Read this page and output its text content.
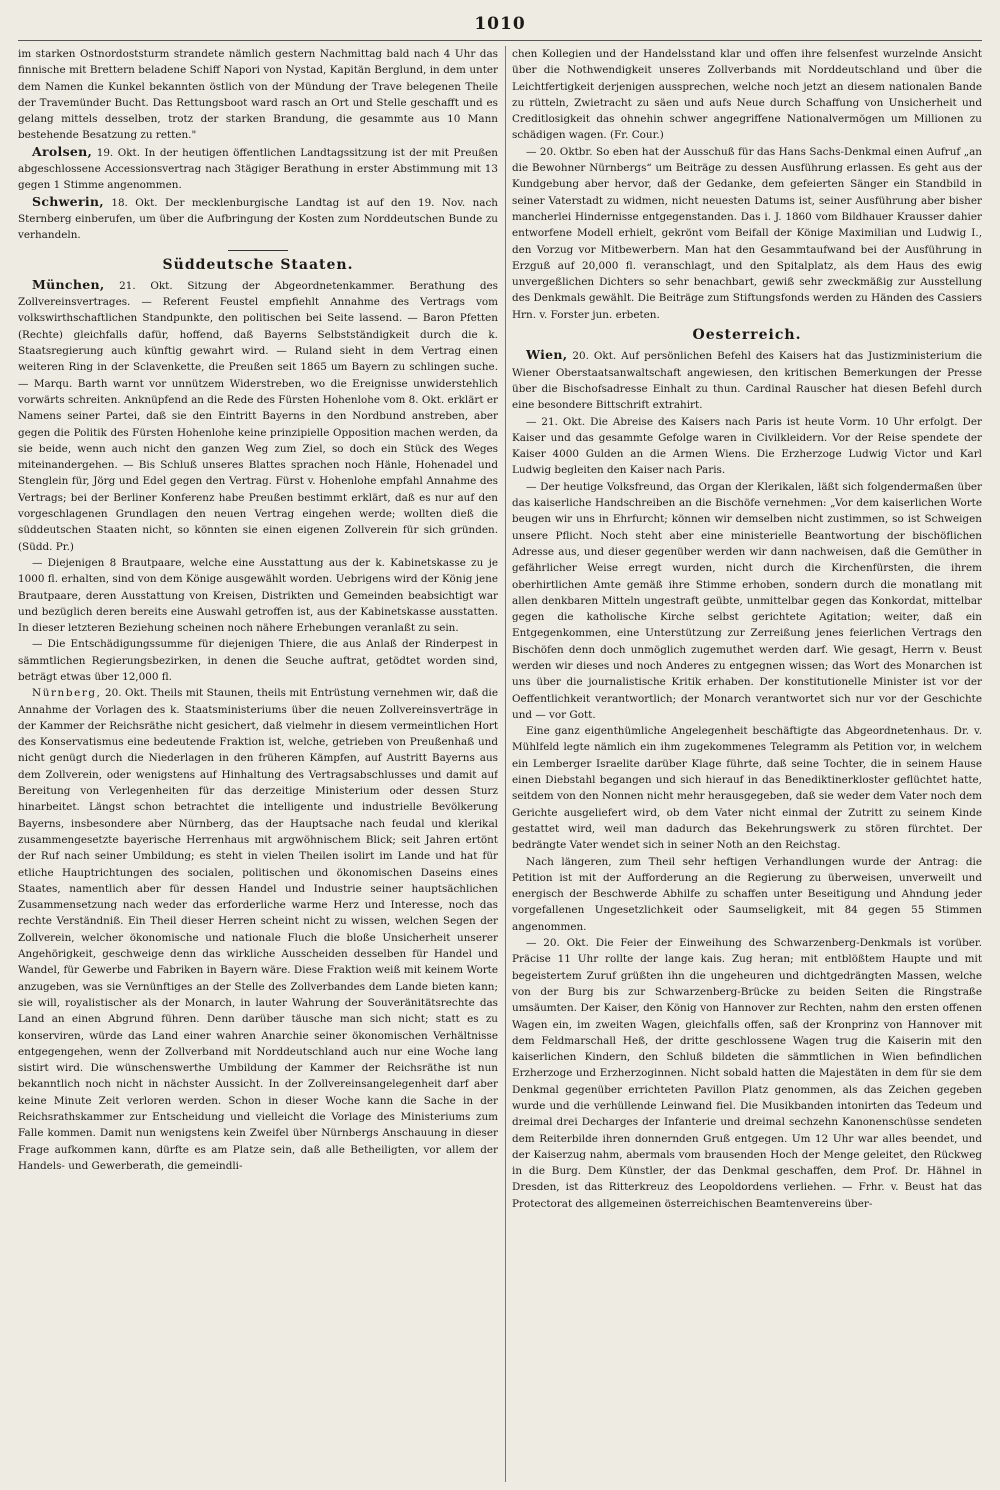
1010

im starken Ostnordoststurm strandete nämlich gestern Nachmittag bald nach 4 Uhr das finnische mit Brettern beladene Schiff Napori von Nystad, Kapitän Berglund, in dem unter dem Namen die Kunkel bekannten östlich von der Mündung der Trave belegenen Theile der Travemünder Bucht. Das Rettungsboot ward rasch an Ort und Stelle geschafft und es gelang mittels desselben, trotz der starken Brandung, die gesammte aus 10 Mann bestehende Besatzung zu retten."

Arolsen, 19. Okt. In der heutigen öffentlichen Landtagssitzung ist der mit Preußen abgeschlossene Accessionsvertrag nach 3tägiger Berathung in erster Abstimmung mit 13 gegen 1 Stimme angenommen.

Schwerin, 18. Okt. Der mecklenburgische Landtag ist auf den 19. Nov. nach Sternberg einberufen, um über die Aufbringung der Kosten zum Norddeutschen Bunde zu verhandeln.

Süddeutsche Staaten.

München, 21. Okt. Sitzung der Abgeordnetenkammer. Berathung des Zollvereinsvertrages. — Referent Feustel empfiehlt Annahme des Vertrags vom volkswirthschaftlichen Standpunkte, den politischen bei Seite lassend. — Baron Pfetten (Rechte) gleichfalls dafür, hoffend, daß Bayerns Selbstständigkeit durch die k. Staatsregierung auch künftig gewahrt wird. — Ruland sieht in dem Vertrag einen weiteren Ring in der Sclavenkette, die Preußen seit 1865 um Bayern zu schlingen suche. — Marqu. Barth warnt vor unnützem Widerstreben, wo die Ereignisse unwiderstehlich vorwärts schreiten. Anknüpfend an die Rede des Fürsten Hohenlohe vom 8. Okt. erklärt er Namens seiner Partei, daß sie den Eintritt Bayerns in den Nordbund anstreben, aber gegen die Politik des Fürsten Hohenlohe keine prinzipielle Opposition machen werden, da sie beide, wenn auch nicht den ganzen Weg zum Ziel, so doch ein Stück des Weges miteinandergehen. — Bis Schluß unseres Blattes sprachen noch Hänle, Hohenadel und Stenglein für, Jörg und Edel gegen den Vertrag. Fürst v. Hohenlohe empfahl Annahme des Vertrags; bei der Berliner Konferenz habe Preußen bestimmt erklärt, daß es nur auf den vorgeschlagenen Grundlagen den neuen Vertrag eingehen werde; wollten dieß die süddeutschen Staaten nicht, so könnten sie einen eigenen Zollverein für sich gründen. (Südd. Pr.)

— Diejenigen 8 Brautpaare, welche eine Ausstattung aus der k. Kabinetskasse zu je 1000 fl. erhalten, sind von dem Könige ausgewählt worden. Uebrigens wird der König jene Brautpaare, deren Ausstattung von Kreisen, Distrikten und Gemeinden beabsichtigt war und bezüglich deren bereits eine Auswahl getroffen ist, aus der Kabinetskasse ausstatten. In dieser letzteren Beziehung scheinen noch nähere Erhebungen veranlaßt zu sein.

— Die Entschädigungssumme für diejenigen Thiere, die aus Anlaß der Rinderpest in sämmtlichen Regierungsbezirken, in denen die Seuche auftrat, getödtet worden sind, beträgt etwas über 12,000 fl.

Nürnberg, 20. Okt. Theils mit Staunen, theils mit Entrüstung vernehmen wir, daß die Annahme der Vorlagen des k. Staatsministeriums über die neuen Zollvereinsverträge in der Kammer der Reichsräthe nicht gesichert, daß vielmehr in diesem vermeintlichen Hort des Konservatismus eine bedeutende Fraktion ist, welche, getrieben von Preußenhaß und nicht genügt durch die Niederlagen in den früheren Kämpfen, auf Austritt Bayerns aus dem Zollverein, oder wenigstens auf Hinhaltung des Vertragsabschlusses und damit auf Bereitung von Verlegenheiten für das derzeitige Ministerium oder dessen Sturz hinarbeitet. Längst schon betrachtet die intelligente und industrielle Bevölkerung Bayerns, insbesondere aber Nürnberg, das der Hauptsache nach feudal und klerikal zusammengesetzte bayerische Herrenhaus mit argwöhnischem Blick; seit Jahren ertönt der Ruf nach seiner Umbildung; es steht in vielen Theilen isolirt im Lande und hat für etliche Hauptrichtungen des socialen, politischen und ökonomischen Daseins eines Staates, namentlich aber für dessen Handel und Industrie seiner hauptsächlichen Zusammensetzung nach weder das erforderliche warme Herz und Interesse, noch das rechte Verständniß. Ein Theil dieser Herren scheint nicht zu wissen, welchen Segen der Zollverein, welcher ökonomische und nationale Fluch die bloße Unsicherheit unserer Angehörigkeit, geschweige denn das wirkliche Ausscheiden desselben für Handel und Wandel, für Gewerbe und Fabriken in Bayern wäre. Diese Fraktion weiß mit keinem Worte anzugeben, was sie Vernünftiges an der Stelle des Zollverbandes dem Lande bieten kann; sie will, royalistischer als der Monarch, in lauter Wahrung der Souveränitätsrechte das Land an einen Abgrund führen. Denn darüber täusche man sich nicht; statt es zu konserviren, würde das Land einer wahren Anarchie seiner ökonomischen Verhältnisse entgegengehen, wenn der Zollverband mit Norddeutschland auch nur eine Woche lang sistirt wird. Die wünschenswerthe Umbildung der Kammer der Reichsräthe ist nun bekanntlich noch nicht in nächster Aussicht. In der Zollvereinsangelegenheit darf aber keine Minute Zeit verloren werden. Schon in dieser Woche kann die Sache in der Reichsrathskammer zur Entscheidung und vielleicht die Vorlage des Ministeriums zum Falle kommen. Damit nun wenigstens kein Zweifel über Nürnbergs Anschauung in dieser Frage aufkommen kann, dürfte es am Platze sein, daß alle Betheiligten, vor allem der Handels- und Gewerberath, die gemeindli-

chen Kollegien und der Handelsstand klar und offen ihre felsenfest wurzelnde Ansicht über die Nothwendigkeit unseres Zollverbands mit Norddeutschland und über die Leichtfertigkeit derjenigen aussprechen, welche noch jetzt an diesem nationalen Bande zu rütteln, Zwietracht zu säen und aufs Neue durch Schaffung von Unsicherheit und Creditlosigkeit das ohnehin schwer angegriffene Nationalvermögen um Millionen zu schädigen wagen. (Fr. Cour.)

— 20. Oktbr. So eben hat der Ausschuß für das Hans Sachs-Denkmal einen Aufruf „an die Bewohner Nürnbergs“ um Beiträge zu dessen Ausführung erlassen. Es geht aus der Kundgebung aber hervor, daß der Gedanke, dem gefeierten Sänger ein Standbild in seiner Vaterstadt zu widmen, nicht neuesten Datums ist, seiner Ausführung aber bisher mancherlei Hindernisse entgegenstanden. Das i. J. 1860 vom Bildhauer Krausser dahier entworfene Modell erhielt, gekrönt vom Beifall der Könige Maximilian und Ludwig I., den Vorzug vor Mitbewerbern. Man hat den Gesammtaufwand bei der Ausführung in Erzguß auf 20,000 fl. veranschlagt, und den Spitalplatz, als dem Haus des ewig unvergeßlichen Dichters so sehr benachbart, gewiß sehr zweckmäßig zur Ausstellung des Denkmals gewählt. Die Beiträge zum Stiftungsfonds werden zu Händen des Cassiers Hrn. v. Forster jun. erbeten.

Oesterreich.

Wien, 20. Okt. Auf persönlichen Befehl des Kaisers hat das Justizministerium die Wiener Oberstaatsanwaltschaft angewiesen, den kritischen Bemerkungen der Presse über die Bischofsadresse Einhalt zu thun. Cardinal Rauscher hat diesen Befehl durch eine besondere Bittschrift extrahirt.

— 21. Okt. Die Abreise des Kaisers nach Paris ist heute Vorm. 10 Uhr erfolgt. Der Kaiser und das gesammte Gefolge waren in Civilkleidern. Vor der Reise spendete der Kaiser 4000 Gulden an die Armen Wiens. Die Erzherzoge Ludwig Victor und Karl Ludwig begleiten den Kaiser nach Paris.

— Der heutige Volksfreund, das Organ der Klerikalen, läßt sich folgendermaßen über das kaiserliche Handschreiben an die Bischöfe vernehmen: „Vor dem kaiserlichen Worte beugen wir uns in Ehrfurcht; können wir demselben nicht zustimmen, so ist Schweigen unsere Pflicht. Noch steht aber eine ministerielle Beantwortung der bischöflichen Adresse aus, und dieser gegenüber werden wir dann nachweisen, daß die Gemüther in gefährlicher Weise erregt wurden, nicht durch die Kirchenfürsten, die ihrem oberhirtlichen Amte gemäß ihre Stimme erhoben, sondern durch die monatlang mit allen denkbaren Mitteln ungestraft geübte, unmittelbar gegen das Konkordat, mittelbar gegen die katholische Kirche selbst gerichtete Agitation; weiter, daß ein Entgegenkommen, eine Unterstützung zur Zerreißung jenes feierlichen Vertrags den Bischöfen denn doch unmöglich zugemuthet werden darf. Wie gesagt, Herrn v. Beust werden wir dieses und noch Anderes zu entgegnen wissen; das Wort des Monarchen ist uns über die journalistische Kritik erhaben. Der konstitutionelle Minister ist vor der Oeffentlichkeit verantwortlich; der Monarch verantwortet sich nur vor der Geschichte und — vor Gott.

Eine ganz eigenthümliche Angelegenheit beschäftigte das Abgeordnetenhaus. Dr. v. Mühlfeld legte nämlich ein ihm zugekommenes Telegramm als Petition vor, in welchem ein Lemberger Israelite darüber Klage führte, daß seine Tochter, die in seinem Hause einen Diebstahl begangen und sich hierauf in das Benediktinerkloster geflüchtet hatte, seitdem von den Nonnen nicht mehr herausgegeben, daß sie weder dem Vater noch dem Gerichte ausgeliefert wird, ob dem Vater nicht einmal der Zutritt zu seinem Kinde gestattet wird, weil man dadurch das Bekehrungswerk zu stören fürchtet. Der bedrängte Vater wendet sich in seiner Noth an den Reichstag.

Nach längeren, zum Theil sehr heftigen Verhandlungen wurde der Antrag: die Petition ist mit der Aufforderung an die Regierung zu überweisen, unverweilt und energisch der Beschwerde Abhilfe zu schaffen unter Beseitigung und Ahndung jeder vorgefallenen Ungesetzlichkeit oder Saumseligkeit, mit 84 gegen 55 Stimmen angenommen.

— 20. Okt. Die Feier der Einweihung des Schwarzenberg-Denkmals ist vorüber. Präcise 11 Uhr rollte der lange kais. Zug heran; mit entblößtem Haupte und mit begeistertem Zuruf grüßten ihn die ungeheuren und dichtgedrängten Massen, welche von der Burg bis zur Schwarzenberg-Brücke zu beiden Seiten die Ringstraße umsäumten. Der Kaiser, den König von Hannover zur Rechten, nahm den ersten offenen Wagen ein, im zweiten Wagen, gleichfalls offen, saß der Kronprinz von Hannover mit dem Feldmarschall Heß, der dritte geschlossene Wagen trug die Kaiserin mit den kaiserlichen Kindern, den Schluß bildeten die sämmtlichen in Wien befindlichen Erzherzoge und Erzherzoginnen. Nicht sobald hatten die Majestäten in dem für sie dem Denkmal gegenüber errichteten Pavillon Platz genommen, als das Zeichen gegeben wurde und die verhüllende Leinwand fiel. Die Musikbanden intonirten das Tedeum und dreimal drei Decharges der Infanterie und dreimal sechzehn Kanonenschüsse sendeten dem Reiterbilde ihren donnernden Gruß entgegen. Um 12 Uhr war alles beendet, und der Kaiserzug nahm, abermals vom brausenden Hoch der Menge geleitet, den Rückweg in die Burg. Dem Künstler, der das Denkmal geschaffen, dem Prof. Dr. Hähnel in Dresden, ist das Ritterkreuz des Leopoldordens verliehen. — Frhr. v. Beust hat das Protectorat des allgemeinen österreichischen Beamtenvereins über-
